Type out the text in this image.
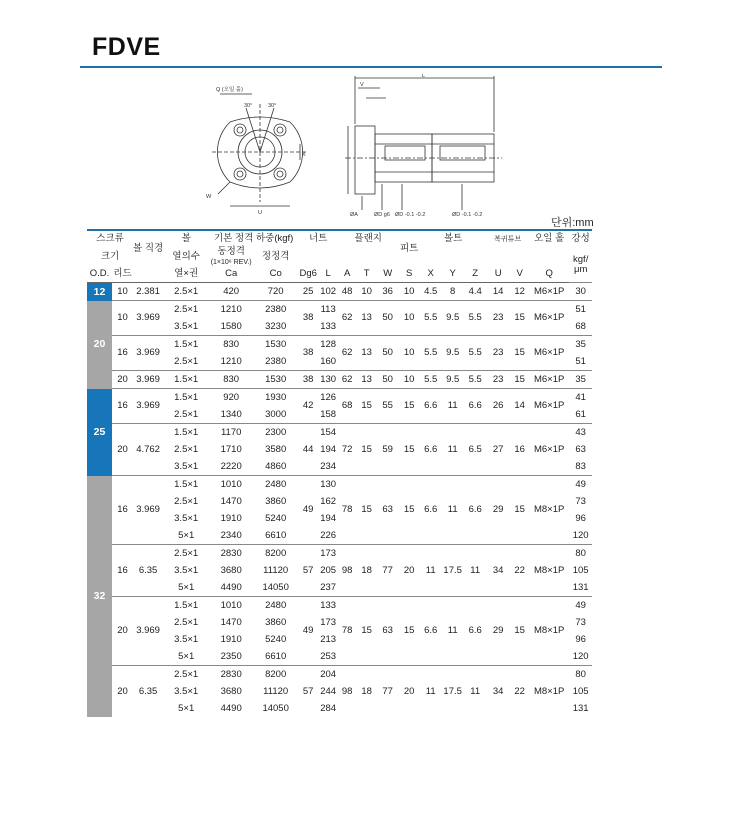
FDVE
Q (오일 홀)
30°	30°
W
X
U
L
V
ØA	ØD g6 ØD -0.1 -0.2	ØD -0.1 -0.2
단위:mm
스크류		볼 직경	볼	기본 정격 하중(kgf)		너트		플랜지			피트	볼트			복귀튜브		오일 홀	강성
크기			열의수	동정격
(1×10⁶ REV.)	정정격													kgf/
μm
O.D.	리드		열×권	Ca	Co	Dg6	L	A	T	W	S	X	Y	Z	U	V	Q	
12	10	2.381	2.5×1	420	720	25	102	48	10	36	10	4.5	8	4.4	14	12	M6×1P	30
20	10	3.969	2.5×1	1210	2380	38	113	62	13	50	10	5.5	9.5	5.5	23	15	M6×1P	51
			3.5×1	1580	3230		133											68
	16	3.969	1.5×1	830	1530	38	128	62	13	50	10	5.5	9.5	5.5	23	15	M6×1P	35
			2.5×1	1210	2380		160											51
	20	3.969	1.5×1	830	1530	38	130	62	13	50	10	5.5	9.5	5.5	23	15	M6×1P	35
25	16	3.969	1.5×1	920	1930	42	126	68	15	55	15	6.6	11	6.6	26	14	M6×1P	41
			2.5×1	1340	3000		158											61
	20	4.762	1.5×1	1170	2300	44	154	72	15	59	15	6.6	11	6.5	27	16	M6×1P	43
			2.5×1	1710	3580		194											63
			3.5×1	2220	4860		234											83
32	16	3.969	1.5×1	1010	2480	49	130	78	15	63	15	6.6	11	6.6	29	15	M8×1P	49
			2.5×1	1470	3860		162											73
			3.5×1	1910	5240		194											96
			5×1	2340	6610		226											120
	16	6.35	2.5×1	2830	8200	57	173	98	18	77	20	11	17.5	11	34	22	M8×1P	80
			3.5×1	3680	11120		205											105
			5×1	4490	14050		237											131
	20	3.969	1.5×1	1010	2480	49	133	78	15	63	15	6.6	11	6.6	29	15	M8×1P	49
			2.5×1	1470	3860		173											73
			3.5×1	1910	5240		213											96
			5×1	2350	6610		253											120
	20	6.35	2.5×1	2830	8200	57	204	98	18	77	20	11	17.5	11	34	22	M8×1P	80
			3.5×1	3680	11120		244											105
			5×1	4490	14050		284											131
